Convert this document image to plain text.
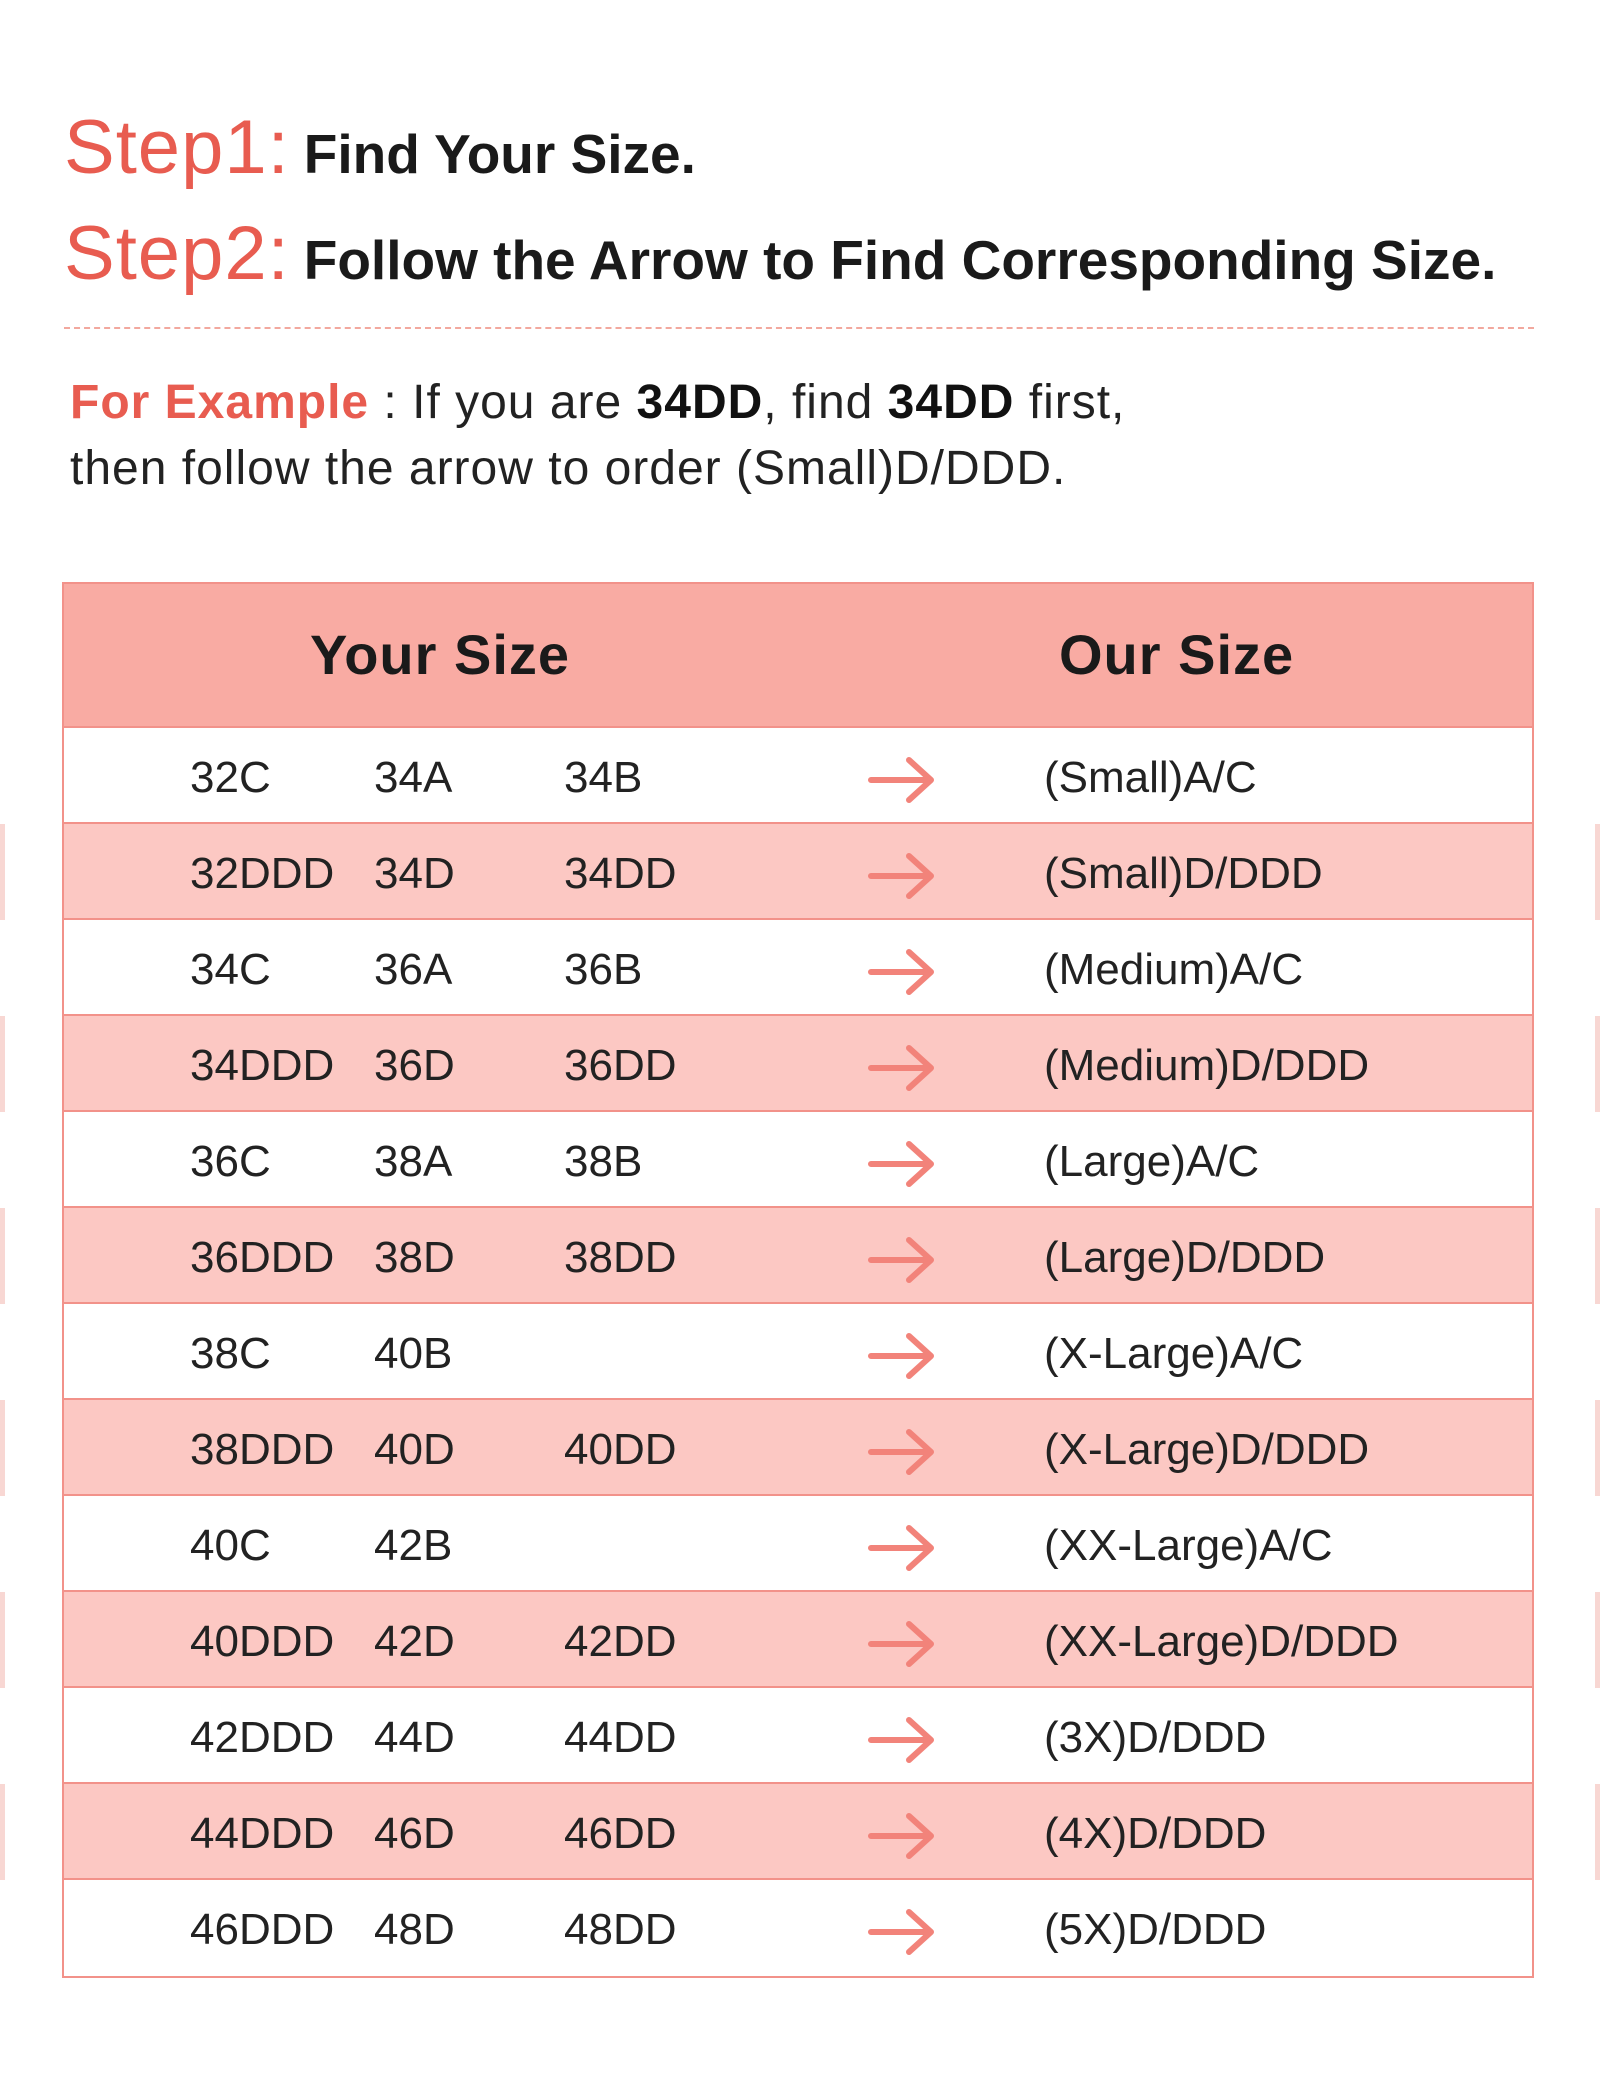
Step1: Find Your Size.
Step2: Follow the Arrow to Find Corresponding Size.
For Example : If you are 34DD, find 34DD first,
then follow the arrow to order (Small)D/DDD.
Your Size	Our Size
32C 34A	34B	(Small)A/C
32DDD 34D 34DD	(Small)D/DDD
34C 36A	36B	(Medium)A/C
34DDD 36D 36DD	(Medium)D/DDD
36C 38A	38B	(Large)A/C
36DDD 38D 38DD	(Large)D/DDD
38C 40B	(X-Large)A/C
38DDD 40D 40DD	(X-Large)D/DDD
40C 42B	(XX-Large)A/C
40DDD 42D 42DD	(XX-Large)D/DDD
42DDD 44D 44DD	(3X)D/DDD
44DDD 46D 46DD	(4X)D/DDD
46DDD 48D 48DD	(5X)D/DDD
